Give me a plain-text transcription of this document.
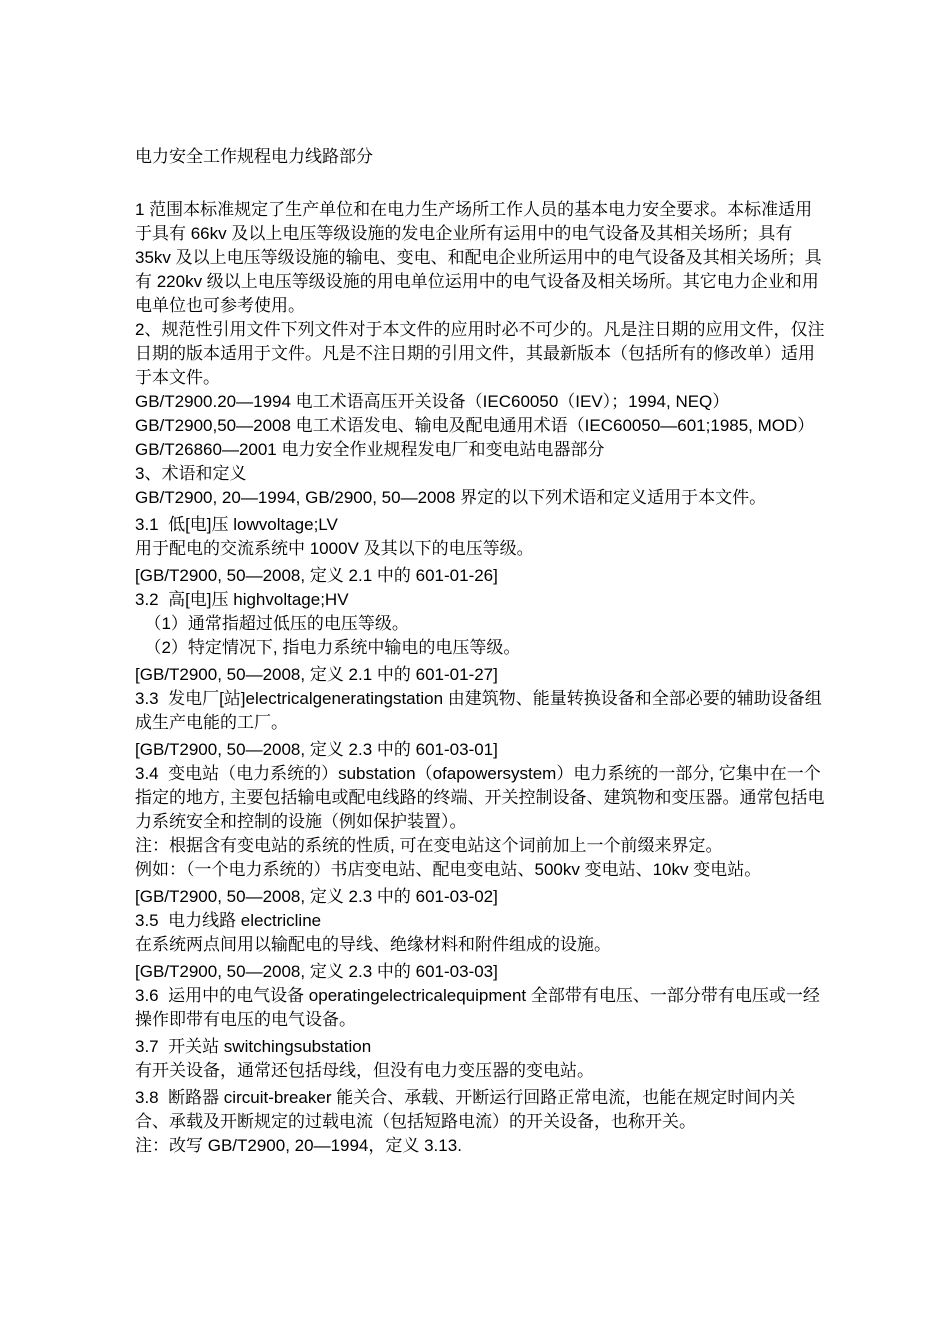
电力安全工作规程电力线路部分
1 范围本标准规定了生产单位和在电力生产场所工作人员的基本电力安全要求。本标准适用于具有 66kv 及以上电压等级设施的发电企业所有运用中的电气设备及其相关场所；具有 35kv 及以上电压等级设施的输电、变电、和配电企业所运用中的电气设备及其相关场所；具有 220kv 级以上电压等级设施的用电单位运用中的电气设备及相关场所。其它电力企业和用电单位也可参考使用。
2、规范性引用文件下列文件对于本文件的应用时必不可少的。凡是注日期的应用文件，仅注日期的版本适用于文件。凡是不注日期的引用文件，其最新版本（包括所有的修改单）适用于本文件。
GB/T2900.20—1994 电工术语高压开关设备（IEC60050（IEV）；1994, NEQ）GB/T2900,50—2008 电工术语发电、输电及配电通用术语（IEC60050—601;1985, MOD）
GB/T26860—2001 电力安全作业规程发电厂和变电站电器部分
3、术语和定义
GB/T2900, 20—1994, GB/2900, 50—2008 界定的以下列术语和定义适用于本文件。
3.1  低[电]压 lowvoltage;LV
用于配电的交流系统中 1000V 及其以下的电压等级。
[GB/T2900, 50—2008, 定义 2.1 中的 601-01-26]
3.2  高[电]压 highvoltage;HV
（1）通常指超过低压的电压等级。
（2）特定情况下, 指电力系统中输电的电压等级。
[GB/T2900, 50—2008, 定义 2.1 中的 601-01-27]
3.3  发电厂[站]electricalgeneratingstation 由建筑物、能量转换设备和全部必要的辅助设备组成生产电能的工厂。
[GB/T2900, 50—2008, 定义 2.3 中的 601-03-01]
3.4  变电站（电力系统的）substation（ofapowersystem）电力系统的一部分, 它集中在一个指定的地方, 主要包括输电或配电线路的终端、开关控制设备、建筑物和变压器。通常包括电力系统安全和控制的设施（例如保护装置）。
注：根据含有变电站的系统的性质, 可在变电站这个词前加上一个前缀来界定。
例如：（一个电力系统的）书店变电站、配电变电站、500kv 变电站、10kv 变电站。
[GB/T2900, 50—2008, 定义 2.3 中的 601-03-02]
3.5  电力线路 electricline
在系统两点间用以输配电的导线、绝缘材料和附件组成的设施。
[GB/T2900, 50—2008, 定义 2.3 中的 601-03-03]
3.6  运用中的电气设备 operatingelectricalequipment 全部带有电压、一部分带有电压或一经操作即带有电压的电气设备。
3.7  开关站 switchingsubstation
有开关设备，通常还包括母线，但没有电力变压器的变电站。
3.8  断路器 circuit-breaker 能关合、承载、开断运行回路正常电流，也能在规定时间内关合、承载及开断规定的过载电流（包括短路电流）的开关设备，也称开关。
注：改写 GB/T2900, 20—1994，定义 3.13.
